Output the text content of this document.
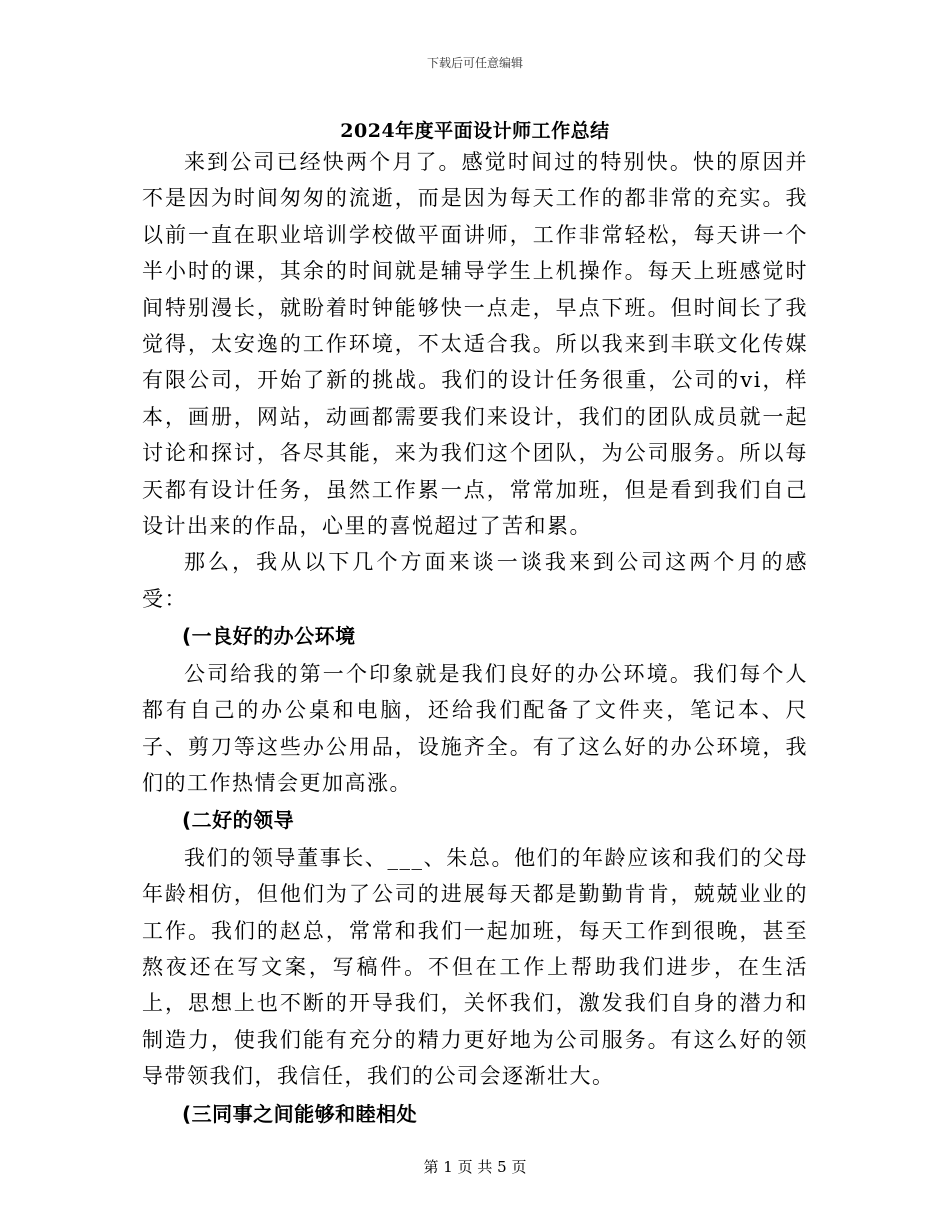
下载后可任意编辑
2024年度平面设计师工作总结

来到公司已经快两个月了。感觉时间过的特别快。快的原因并不是因为时间匆匆的流逝，而是因为每天工作的都非常的充实。我以前一直在职业培训学校做平面讲师，工作非常轻松，每天讲一个半小时的课，其余的时间就是辅导学生上机操作。每天上班感觉时间特别漫长，就盼着时钟能够快一点走，早点下班。但时间长了我觉得，太安逸的工作环境，不太适合我。所以我来到丰联文化传媒有限公司，开始了新的挑战。我们的设计任务很重，公司的vi，样本，画册，网站，动画都需要我们来设计，我们的团队成员就一起讨论和探讨，各尽其能，来为我们这个团队，为公司服务。所以每天都有设计任务，虽然工作累一点，常常加班，但是看到我们自己设计出来的作品，心里的喜悦超过了苦和累。

那么，我从以下几个方面来谈一谈我来到公司这两个月的感受：

(一良好的办公环境

公司给我的第一个印象就是我们良好的办公环境。我们每个人都有自己的办公桌和电脑，还给我们配备了文件夹，笔记本、尺子、剪刀等这些办公用品，设施齐全。有了这么好的办公环境，我们的工作热情会更加高涨。

(二好的领导

我们的领导董事长、___、朱总。他们的年龄应该和我们的父母年龄相仿，但他们为了公司的进展每天都是勤勤肯肯，兢兢业业的工作。我们的赵总，常常和我们一起加班，每天工作到很晚，甚至熬夜还在写文案，写稿件。不但在工作上帮助我们进步，在生活上，思想上也不断的开导我们，关怀我们，激发我们自身的潜力和制造力，使我们能有充分的精力更好地为公司服务。有这么好的领导带领我们，我信任，我们的公司会逐渐壮大。

(三同事之间能够和睦相处

第 1 页 共 5 页
